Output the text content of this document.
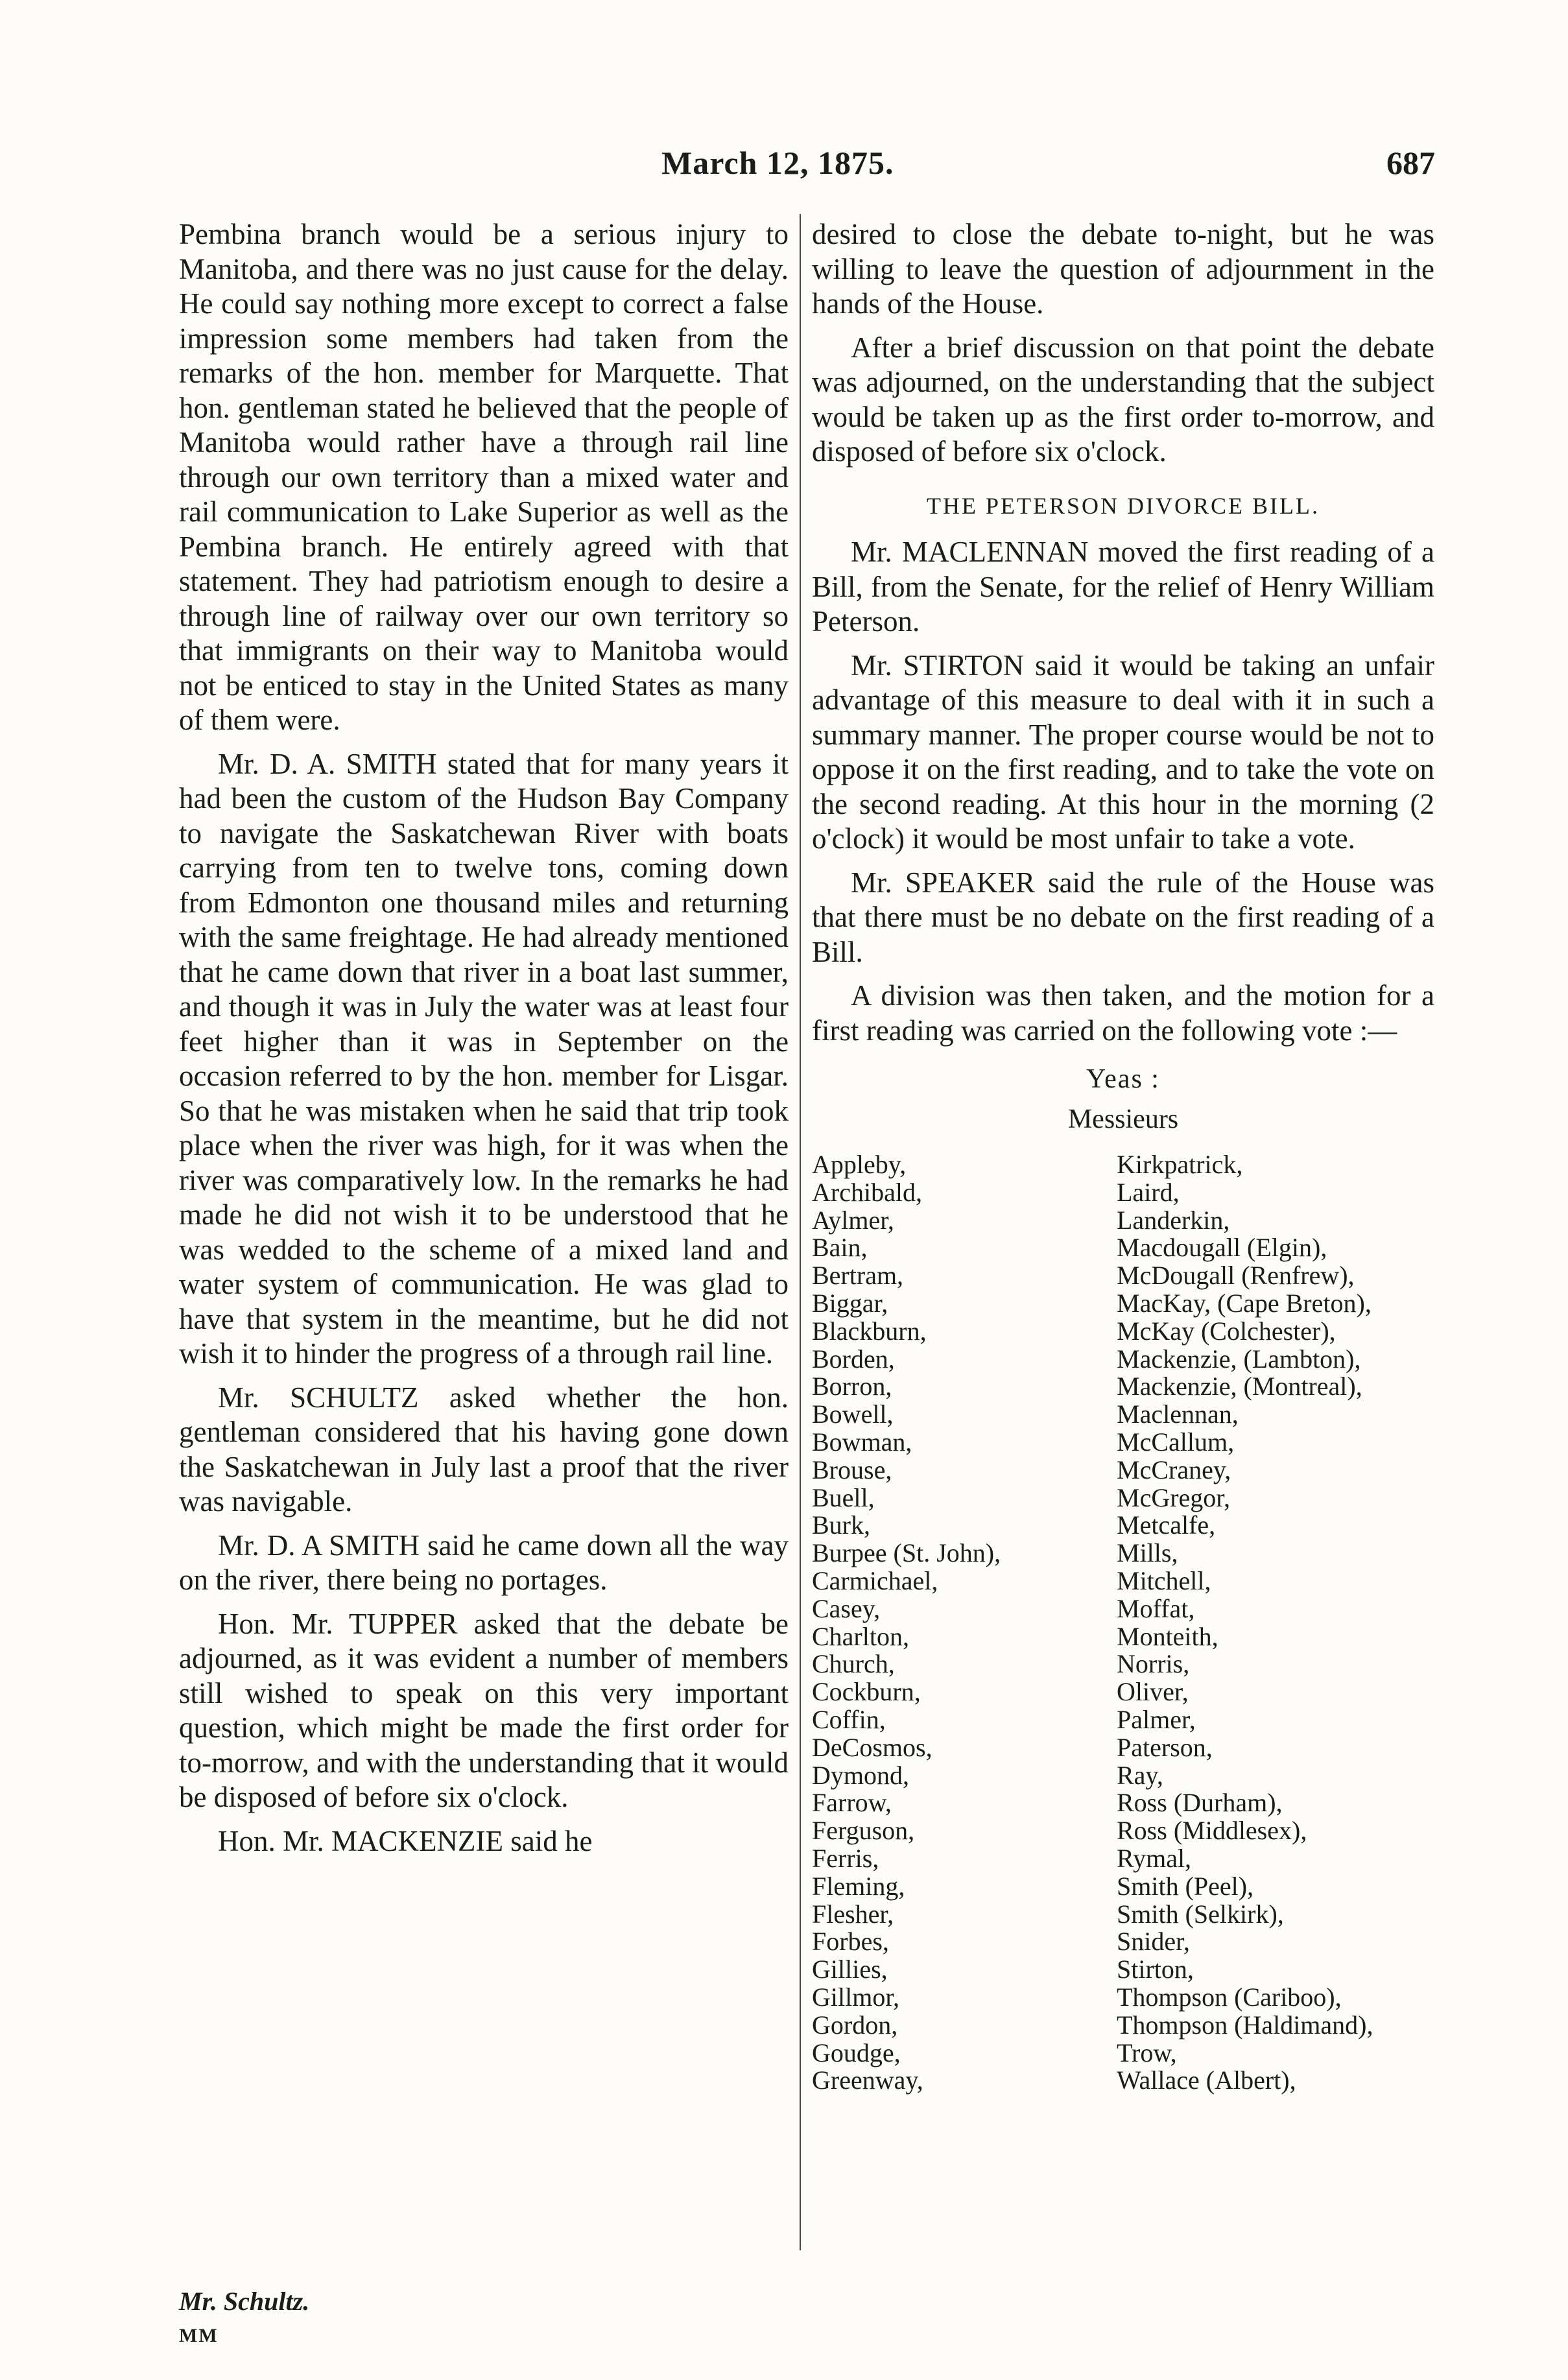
March 12, 1875.	687

Pembina branch would be a serious injury to Manitoba, and there was no just cause for the delay. He could say nothing more except to correct a false impression some members had taken from the remarks of the hon. member for Marquette. That hon. gentleman stated he believed that the people of Manitoba would rather have a through rail line through our own territory than a mixed water and rail communication to Lake Superior as well as the Pembina branch. He entirely agreed with that statement. They had patriotism enough to desire a through line of railway over our own territory so that immigrants on their way to Manitoba would not be enticed to stay in the United States as many of them were.

Mr. D. A. SMITH stated that for many years it had been the custom of the Hudson Bay Company to navigate the Saskatchewan River with boats carrying from ten to twelve tons, coming down from Edmonton one thousand miles and returning with the same freightage. He had already mentioned that he came down that river in a boat last summer, and though it was in July the water was at least four feet higher than it was in September on the occasion referred to by the hon. member for Lisgar. So that he was mistaken when he said that trip took place when the river was high, for it was when the river was comparatively low. In the remarks he had made he did not wish it to be understood that he was wedded to the scheme of a mixed land and water system of communication. He was glad to have that system in the meantime, but he did not wish it to hinder the progress of a through rail line.

Mr. SCHULTZ asked whether the hon. gentleman considered that his having gone down the Saskatchewan in July last a proof that the river was navigable.

Mr. D. A SMITH said he came down all the way on the river, there being no portages.

Hon. Mr. TUPPER asked that the debate be adjourned, as it was evident a number of members still wished to speak on this very important question, which might be made the first order for to-morrow, and with the understanding that it would be disposed of before six o'clock.

Hon. Mr. MACKENZIE said he

desired to close the debate to-night, but he was willing to leave the question of adjournment in the hands of the House.

After a brief discussion on that point the debate was adjourned, on the understanding that the subject would be taken up as the first order to-morrow, and disposed of before six o'clock.

THE PETERSON DIVORCE BILL.

Mr. MACLENNAN moved the first reading of a Bill, from the Senate, for the relief of Henry William Peterson.

Mr. STIRTON said it would be taking an unfair advantage of this measure to deal with it in such a summary manner. The proper course would be not to oppose it on the first reading, and to take the vote on the second reading. At this hour in the morning (2 o'clock) it would be most unfair to take a vote.

Mr. SPEAKER said the rule of the House was that there must be no debate on the first reading of a Bill.

A division was then taken, and the motion for a first reading was carried on the following vote :—

Yeas :
Messieurs
Appleby,
Archibald,
Aylmer,
Bain,
Bertram,
Biggar,
Blackburn,
Borden,
Borron,
Bowell,
Bowman,
Brouse,
Buell,
Burk,
Burpee (St. John),
Carmichael,
Casey,
Charlton,
Church,
Cockburn,
Coffin,
DeCosmos,
Dymond,
Farrow,
Ferguson,
Ferris,
Fleming,
Flesher,
Forbes,
Gillies,
Gillmor,
Gordon,
Goudge,
Greenway,
Kirkpatrick,
Laird,
Landerkin,
Macdougall (Elgin),
McDougall (Renfrew),
MacKay, (Cape Breton),
McKay (Colchester),
Mackenzie, (Lambton),
Mackenzie, (Montreal),
Maclennan,
McCallum,
McCraney,
McGregor,
Metcalfe,
Mills,
Mitchell,
Moffat,
Monteith,
Norris,
Oliver,
Palmer,
Paterson,
Ray,
Ross (Durham),
Ross (Middlesex),
Rymal,
Smith (Peel),
Smith (Selkirk),
Snider,
Stirton,
Thompson (Cariboo),
Thompson (Haldimand),
Trow,
Wallace (Albert),
Mr. Schultz.
MM
